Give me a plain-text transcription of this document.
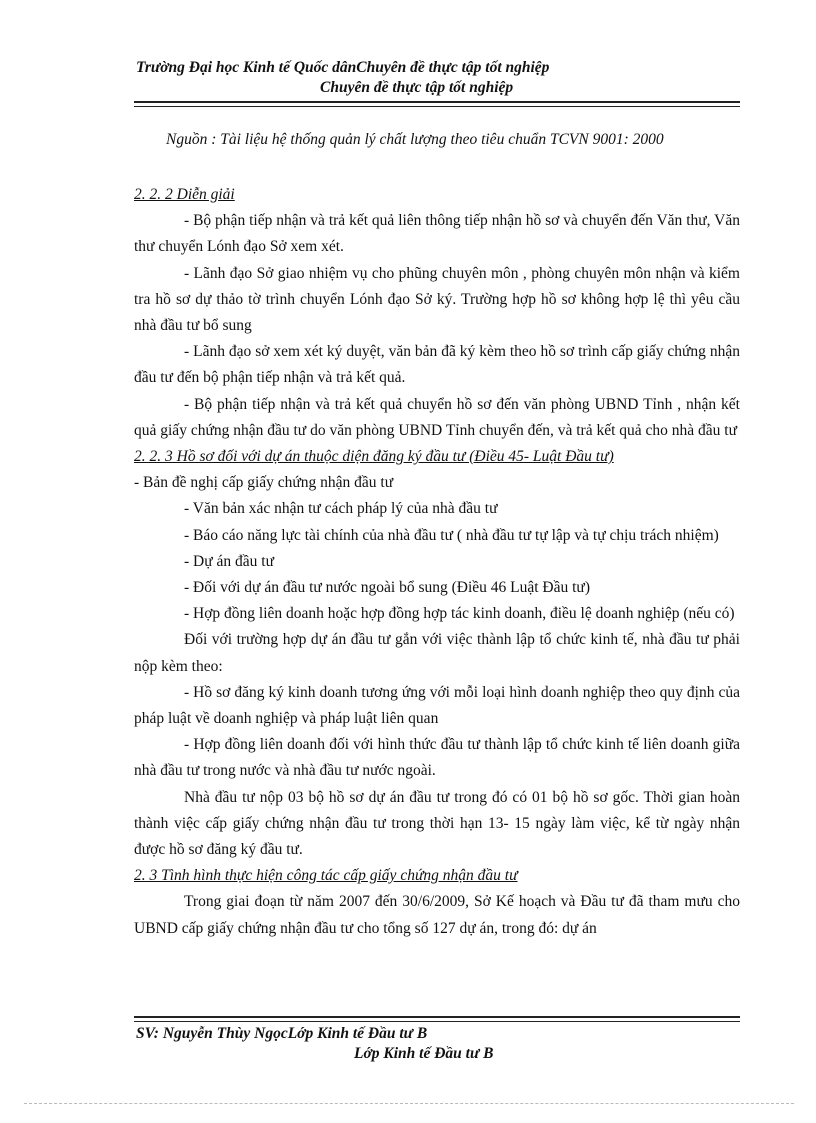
Trường Đại học Kinh tế Quốc dânChuyên đề thực tập tốt nghiệp
Chuyên đề thực tập tốt nghiệp
Nguồn : Tài liệu hệ thống quản lý chất lượng theo tiêu chuẩn TCVN 9001: 2000
2. 2. 2 Diễn giải
- Bộ phận tiếp nhận và trả kết quả liên thông tiếp nhận hồ sơ và chuyển đến Văn thư, Văn thư chuyển Lónh đạo Sở xem xét.
- Lãnh đạo Sở giao nhiệm vụ cho phũng chuyên môn , phòng chuyên môn nhận và kiểm tra hồ sơ dự thảo tờ trình chuyển Lónh đạo Sở ký. Trường hợp hồ sơ không hợp lệ thì yêu cầu nhà đầu tư bổ sung
- Lãnh đạo sở xem xét ký duyệt, văn bản đã ký kèm theo hồ sơ trình cấp giấy chứng nhận đầu tư đến bộ phận tiếp nhận và trả kết quả.
- Bộ phận tiếp nhận và trả kết quả chuyển hồ sơ đến văn phòng UBND Tỉnh , nhận kết quả giấy chứng nhận đầu tư do văn phòng UBND Tỉnh chuyển đến, và trả kết quả cho nhà đầu tư
2. 2. 3 Hồ sơ đối với dự án thuộc diện đăng ký đầu tư (Điều 45- Luật Đầu tư)
- Bản đề nghị cấp giấy chứng nhận đầu tư
- Văn bản xác nhận tư cách pháp lý của nhà đầu tư
- Báo cáo năng lực tài chính của nhà đầu tư ( nhà đầu tư tự lập và tự chịu trách nhiệm)
- Dự án đầu tư
- Đối với dự án đầu tư nước ngoài bổ sung (Điều 46 Luật Đầu tư)
- Hợp đồng liên doanh hoặc hợp đồng hợp tác kinh doanh, điều lệ doanh nghiệp (nếu có)
Đối với trường hợp dự án đầu tư gắn với việc thành lập tổ chức kinh tế, nhà đầu tư phải nộp kèm theo:
- Hồ sơ đăng ký kinh doanh tương ứng với mỗi loại hình doanh nghiệp theo quy định của pháp luật về doanh nghiệp và pháp luật liên quan
- Hợp đồng liên doanh đối với hình thức đầu tư thành lập tổ chức kinh tế liên doanh giữa nhà đầu tư trong nước và nhà đầu tư nước ngoài.
Nhà đầu tư nộp 03 bộ hồ sơ dự án đầu tư trong đó có 01 bộ hồ sơ gốc. Thời gian hoàn thành việc cấp giấy chứng nhận đầu tư trong thời hạn 13- 15 ngày làm việc, kể từ ngày nhận được hồ sơ đăng ký đầu tư.
2. 3 Tình hình thực hiện công tác cấp giấy chứng nhận đầu tư
Trong giai đoạn từ năm 2007 đến 30/6/2009, Sở Kế hoạch và Đầu tư đã tham mưu cho UBND cấp giấy chứng nhận đầu tư cho tổng số 127 dự án, trong đó: dự án
SV: Nguyễn Thùy NgọcLớp Kinh tế Đầu tư B
Lớp Kinh tế Đầu tư B
